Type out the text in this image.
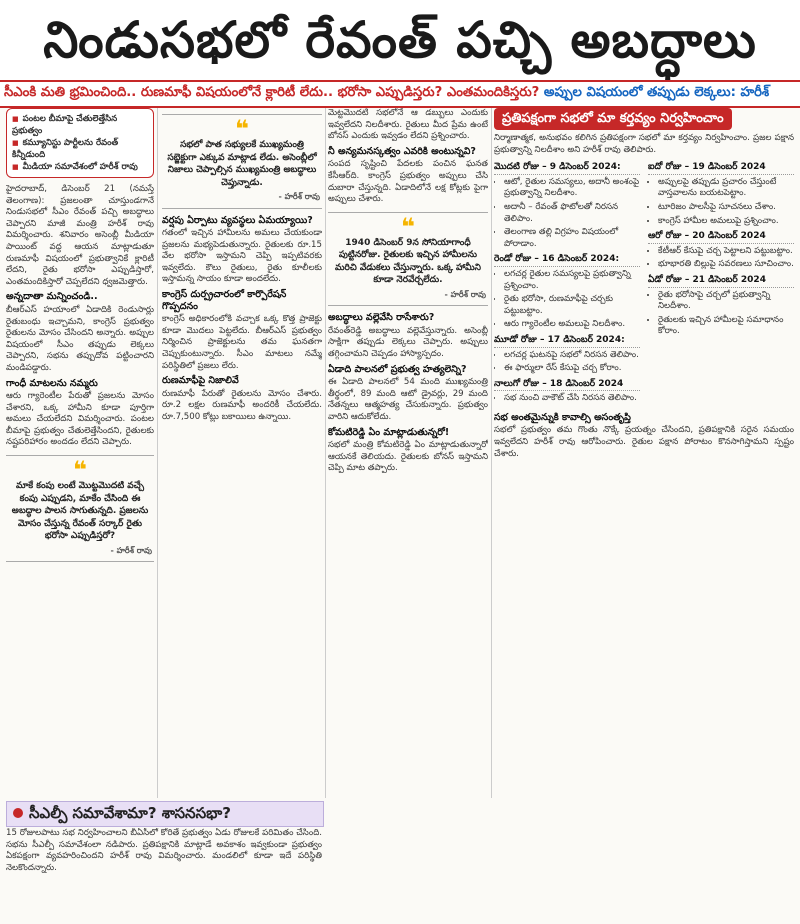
నిండుసభలో రేవంత్ పచ్చి అబద్ధాలు
సీఎంకి మతి భ్రమించింది.. రుణమాఫీ విషయంలోనే క్లారిటీ లేదు.. భరోసా ఎప్పుడిస్తరు? ఎంతమందికిస్తరు? అప్పుల విషయంలో తప్పుడు లెక్కలు: హరీశ్
■ పంటల బీమాపై చేతులెత్తేసిన ప్రభుత్వం
■ కమ్యూనిస్టు పార్టీలను రేవంత్ కిన్నీడుంది
■ మీడియా సమావేశంలో హరీశ్ రావు

హైదరాబాద్, డిసెంబర్ 21 (నమస్తే తెలంగాణ): ప్రజలంతా చూస్తుండగానే నిండుసభలో సీఎం రేవంత్ పచ్చి అబద్ధాలు చెప్పారని మాజీ మంత్రి హరీశ్ రావు విమర్శించారు. శనివారం అసెంబ్లీ మీడియా పాయింట్ వద్ద ఆయన మాట్లాడుతూ రుణమాఫీ విషయంలో ప్రభుత్వానికే క్లారిటీ లేదని, రైతు భరోసా ఎప్పుడిస్తారో, ఎంతమందికిస్తారో చెప్పలేదని ధ్వజమెత్తారు.

అన్నదాతా మన్నించండి..

బీఆర్ఎస్ హయాంలో ఏడాదికి రెండుసార్లు రైతుబంధు ఇచ్చామని, కాంగ్రెస్ ప్రభుత్వం రైతులను మోసం చేసిందని అన్నారు. అప్పుల విషయంలో సీఎం తప్పుడు లెక్కలు చెప్పారని, సభను తప్పుదోవ పట్టించారని మండిపడ్డారు.

గాంధీ మాటలను నమ్మరు

ఆరు గ్యారెంటీల పేరుతో ప్రజలను మోసం చేశారని, ఒక్క హామీని కూడా పూర్తిగా అమలు చేయలేదని విమర్శించారు. పంటల బీమాపై ప్రభుత్వం చేతులెత్తేసిందని, రైతులకు నష్టపరిహారం అందడం లేదని చెప్పారు.

❝
మాకే కంపు లంటే మొట్టమొదటి వచ్చే కంపు ఎప్పుడని, మాకేం చేసింది ఈ అబద్ధాల పాలన సాగుతున్నది. ప్రజలను మోసం చేస్తున్న రేవంత్ సర్కార్ రైతు భరోసా ఎప్పుడిస్తరో?
- హరీశ్ రావు
❝
సభలో పాత సభ్యులకే ముఖ్యమంత్రి సబ్జెక్టుగా ఎక్కువ మాట్లాడ లేడు. అసెంబ్లీలో నిజాలు చెప్పాల్సిన ముఖ్యమంత్రి అబద్ధాలు చెప్తున్నాడు.
- హరీశ్ రావు
వర్షపు ఏర్పాటు వ్యవస్థలు ఏమయ్యాయి?

గతంలో ఇచ్చిన హామీలను అమలు చేయకుండా ప్రజలను మభ్యపెడుతున్నారు. రైతులకు రూ.15 వేల భరోసా ఇస్తామని చెప్పి ఇప్పటివరకు ఇవ్వలేదు. కౌలు రైతులు, రైతు కూలీలకు ఇస్తామన్న సాయం కూడా అందలేదు.

కాంగ్రెస్ దుర్ప్రచారంలో కార్పొరేషన్ గొప్పదనం

కాంగ్రెస్ అధికారంలోకి వచ్చాక ఒక్క కొత్త ప్రాజెక్టు కూడా మొదలు పెట్టలేదు. బీఆర్ఎస్ ప్రభుత్వం నిర్మించిన ప్రాజెక్టులను తమ ఘనతగా చెప్పుకుంటున్నారు. సీఎం మాటలు నమ్మే పరిస్థితిలో ప్రజలు లేరు.

రుణమాఫీపై నిజాలివే

రుణమాఫీ పేరుతో రైతులను మోసం చేశారు. రూ.2 లక్షల రుణమాఫీ అందరికీ చేయలేదు. రూ.7,500 కోట్లు బకాయిలు ఉన్నాయి.

మెట్టమొదటి సభలోనే ఆ డబ్బులు ఎందుకు ఇవ్వలేదని నిలదీశారు. రైతులు మీద ప్రేమ ఉంటే బోనస్ ఎందుకు ఇవ్వడం లేదని ప్రశ్నించారు.

నీ అన్యమనస్కత్వం ఎవరికి అంటున్నవి?

సంపద సృష్టించి పేదలకు పంచిన ఘనత కేసీఆర్‌ది. కాంగ్రెస్ ప్రభుత్వం అప్పులు చేసి దుబారా చేస్తున్నది. ఏడాదిలోనే లక్ష కోట్లకు పైగా అప్పులు చేశారు.

❝
1940 డిసెంబర్ 9న సోనియాగాంధీ పుట్టినరోజు. రైతులకు ఇచ్చిన హామీలను మరిచి వేడుకలు చేస్తున్నారు. ఒక్క హామీని కూడా నెరవేర్చలేదు.
- హరీశ్ రావు
అబద్ధాలు వల్లెవేసి రాసేశారు?

రేవంత్‌రెడ్డి అబద్ధాలు వల్లెవేస్తున్నారు. అసెంబ్లీ సాక్షిగా తప్పుడు లెక్కలు చెప్పారు. అప్పులు తగ్గించామని చెప్పడం హాస్యాస్పదం.

ఏడాది పాలనలో ప్రభుత్వ హత్యలెన్ని?

ఈ ఏడాది పాలనలో 54 మంది ముఖ్యమంత్రి తీర్థంలో, 89 మంది ఆటో డ్రైవర్లు, 29 మంది నేతన్నలు ఆత్మహత్య చేసుకున్నారు. ప్రభుత్వం వారిని ఆదుకోలేదు.

కోమటిరెడ్డి ఏం మాట్లాడుతున్నరో!

సభలో మంత్రి కోమటిరెడ్డి ఏం మాట్లాడుతున్నారో ఆయనకే తెలియదు. రైతులకు బోనస్ ఇస్తామని చెప్పి మాట తప్పారు.

ప్రతిపక్షంగా సభలో మా కర్తవ్యం నిర్వహించాం

నిర్మాణాత్మక, అనుభవం కలిగిన ప్రతిపక్షంగా సభలో మా కర్తవ్యం నిర్వహించాం. ప్రజల పక్షాన ప్రభుత్వాన్ని నిలదీశాం అని హరీశ్ రావు తెలిపారు.

మొదటి రోజు – 9 డిసెంబర్ 2024:
• ఆటో, రైతుల సమస్యలు, అదానీ అంశంపై ప్రభుత్వాన్ని నిలదీశాం.
• అదానీ – రేవంత్ ఫొటోలతో నిరసన తెలిపాం.
• తెలంగాణ తల్లి విగ్రహం విషయంలో పోరాడాం.
రెండో రోజు – 16 డిసెంబర్ 2024:
• లగచర్ల రైతుల సమస్యలపై ప్రభుత్వాన్ని ప్రశ్నించాం.
• రైతు భరోసా, రుణమాఫీపై చర్చకు పట్టుబట్టాం.
• ఆరు గ్యారెంటీల అమలుపై నిలదీశాం.
మూడో రోజు – 17 డిసెంబర్ 2024:
• లగచర్ల ఘటనపై సభలో నిరసన తెలిపాం.
• ఈ ఫార్ములా రేస్ కేసుపై చర్చ కోరాం.
నాలుగో రోజు – 18 డిసెంబర్ 2024
• సభ నుంచి వాకౌట్ చేసి నిరసన తెలిపాం.
ఐదో రోజు – 19 డిసెంబర్ 2024
• అప్పులపై తప్పుడు ప్రచారం చేస్తుంటే వాస్తవాలను బయటపెట్టాం.
• టూరిజం పాలసీపై సూచనలు చేశాం.
• కాంగ్రెస్ హామీల అమలుపై ప్రశ్నించాం.
ఆరో రోజు – 20 డిసెంబర్ 2024
• కేటీఆర్ కేసుపై చర్చ పెట్టాలని పట్టుబట్టాం.
• భూభారతి బిల్లుపై సవరణలు సూచించాం.
ఏడో రోజు – 21 డిసెంబర్ 2024
• రైతు భరోసాపై చర్చలో ప్రభుత్వాన్ని నిలదీశాం.
• రైతులకు ఇచ్చిన హామీలపై సమాధానం కోరాం.
సభ అంతమైన్నుకి కావాల్సి అసంతృప్తి

సభలో ప్రభుత్వం తమ గొంతు నొక్కే ప్రయత్నం చేసిందని, ప్రతిపక్షానికి సరైన సమయం ఇవ్వలేదని హరీశ్ రావు ఆరోపించారు. రైతుల పక్షాన పోరాటం కొనసాగిస్తామని స్పష్టం చేశారు.

సీఎల్పీ సమావేశామా? శాసనసభా?
15 రోజులపాటు సభ నిర్వహించాలని బీఏసీలో కోరితే ప్రభుత్వం ఏడు రోజులకే పరిమితం చేసింది. సభను సీఎల్పీ సమావేశంలా నడిపారు. ప్రతిపక్షానికి మాట్లాడే అవకాశం ఇవ్వకుండా ప్రభుత్వం ఏకపక్షంగా వ్యవహరించిందని హరీశ్ రావు విమర్శించారు. మండలిలో కూడా ఇదే పరిస్థితి నెలకొందన్నారు.
